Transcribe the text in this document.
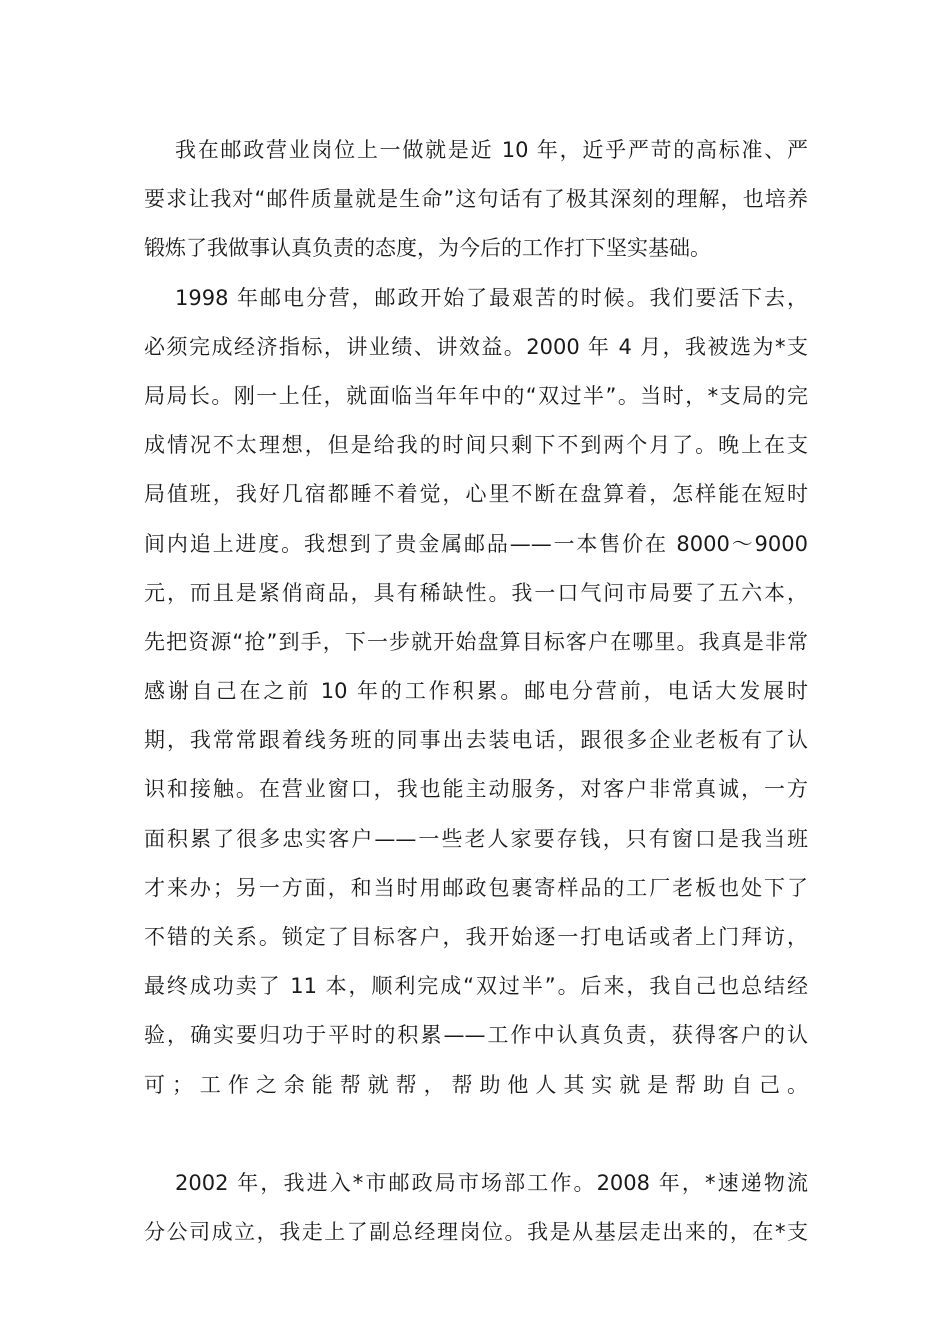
我在邮政营业岗位上一做就是近 10 年，近乎严苛的高标准、严
要求让我对“邮件质量就是生命”这句话有了极其深刻的理解，也培养
锻炼了我做事认真负责的态度，为今后的工作打下坚实基础。
1998 年邮电分营，邮政开始了最艰苦的时候。我们要活下去，
必须完成经济指标，讲业绩、讲效益。2000 年 4 月，我被选为*支
局局长。刚一上任，就面临当年年中的“双过半”。当时，*支局的完
成情况不太理想，但是给我的时间只剩下不到两个月了。晚上在支
局值班，我好几宿都睡不着觉，心里不断在盘算着，怎样能在短时
间内追上进度。我想到了贵金属邮品——一本售价在 8000～9000
元，而且是紧俏商品，具有稀缺性。我一口气问市局要了五六本，
先把资源“抢”到手，下一步就开始盘算目标客户在哪里。我真是非常
感谢自己在之前 10 年的工作积累。邮电分营前，电话大发展时
期，我常常跟着线务班的同事出去装电话，跟很多企业老板有了认
识和接触。在营业窗口，我也能主动服务，对客户非常真诚，一方
面积累了很多忠实客户——一些老人家要存钱，只有窗口是我当班
才来办；另一方面，和当时用邮政包裹寄样品的工厂老板也处下了
不错的关系。锁定了目标客户，我开始逐一打电话或者上门拜访，
最终成功卖了 11 本，顺利完成“双过半”。后来，我自己也总结经
验，确实要归功于平时的积累——工作中认真负责，获得客户的认
可；工作之余能帮就帮，帮助他人其实就是帮助自己。
2002 年，我进入*市邮政局市场部工作。2008 年，*速递物流
分公司成立，我走上了副总经理岗位。我是从基层走出来的，在*支
